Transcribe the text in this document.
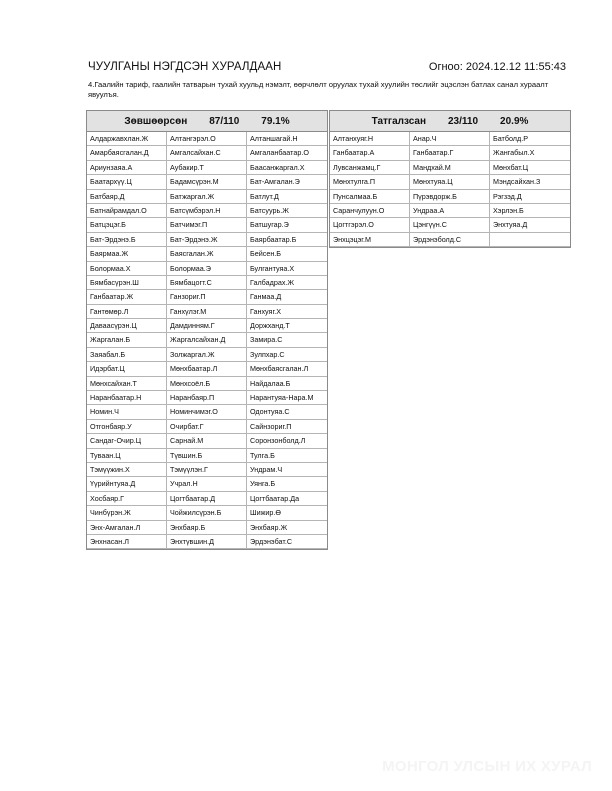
ЧУУЛГАНЫ НЭГДСЭН ХУРАЛДААН	Огноо: 2024.12.12 11:55:43
4.Гаалийн тариф, гаалийн татварын тухай хуульд нэмэлт, өөрчлөлт оруулах тухай хуулийн төслийг эцэслэн батлах санал хураалт явуулъя.
Зөвшөөрсөн 87/110 79.1%
Алдаржавхлан.Ж	Алтангэрэл.О	Алтаншагай.Н
Амарбаясгалан.Д	Амгалсайхан.С	Амгаланбаатар.О
Ариунзаяа.А	Аубакир.Т	Баасанжаргал.Х
Баатархүү.Ц	Бадамсүрэн.М	Бат-Амгалан.Э
Батбаяр.Д	Батжаргал.Ж	Батлут.Д
Батнайрамдал.О	Батсүмбэрэл.Н	Батсуурь.Ж
Батцэцэг.Б	Батчимэг.П	Батшугар.Э
Бат-Эрдэнэ.Б	Бат-Эрдэнэ.Ж	Баярбаатар.Б
Баярмаа.Ж	Баясгалан.Ж	Бейсен.Б
Болормаа.Х	Болормаа.Э	Булгантуяа.Х
Бямбасүрэн.Ш	Бямбацогт.С	Галбадрах.Ж
Ганбаатар.Ж	Ганзориг.П	Ганмаа.Д
Гантөмөр.Л	Ганхүлэг.М	Ганхуяг.Х
Даваасүрэн.Ц	Дамдинням.Г	Доржханд.Т
Жаргалан.Б	Жаргалсайхан.Д	Замира.С
Заяабал.Б	Золжаргал.Ж	Зулпхар.С
Идэрбат.Ц	Мөнхбаатар.Л	Мөнхбаясгалан.Л
Мөнхсайхан.Т	Мөнхсоёл.Б	Найдалаа.Б
Наранбаатар.Н	Наранбаяр.П	Нарантуяа-Нара.М
Номин.Ч	Номинчимэг.О	Одонтуяа.С
Отгонбаяр.У	Очирбат.Г	Сайнзориг.П
Сандаг-Очир.Ц	Сарнай.М	Соронзонболд.Л
Туваан.Ц	Түвшин.Б	Тулга.Б
Тэмүүжин.Х	Тэмүүлэн.Г	Ундрам.Ч
Үүрийнтуяа.Д	Учрал.Н	Уянга.Б
Хосбаяр.Г	Цогтбаатар.Д	Цогтбаатар.Да
Чинбүрэн.Ж	Чойжилсүрэн.Б	Шижир.Ө
Энх-Амгалан.Л	Энхбаяр.Б	Энхбаяр.Ж
Энхнасан.Л	Энхтүвшин.Д	Эрдэнэбат.С
Татгалзсан 23/110 20.9%
Алтанхуяг.Н	Анар.Ч	Батболд.Р
Ганбаатар.А	Ганбаатар.Г	Жангабыл.Х
Лувсанжамц.Г	Мандхай.М	Мөнхбат.Ц
Мөнхтулга.П	Мөнхтуяа.Ц	Мэндсайхан.З
Пунсалмаа.Б	Пүрэвдорж.Б	Рэгзэд.Д
Саранчулуун.О	Ундраа.А	Хэрлэн.Б
Цогтгэрэл.О	Цэнгүүн.С	Энхтуяа.Д
Энхцэцэг.М	Эрдэнэболд.С
МОНГОЛ УЛСЫН ИХ ХУРАЛ
